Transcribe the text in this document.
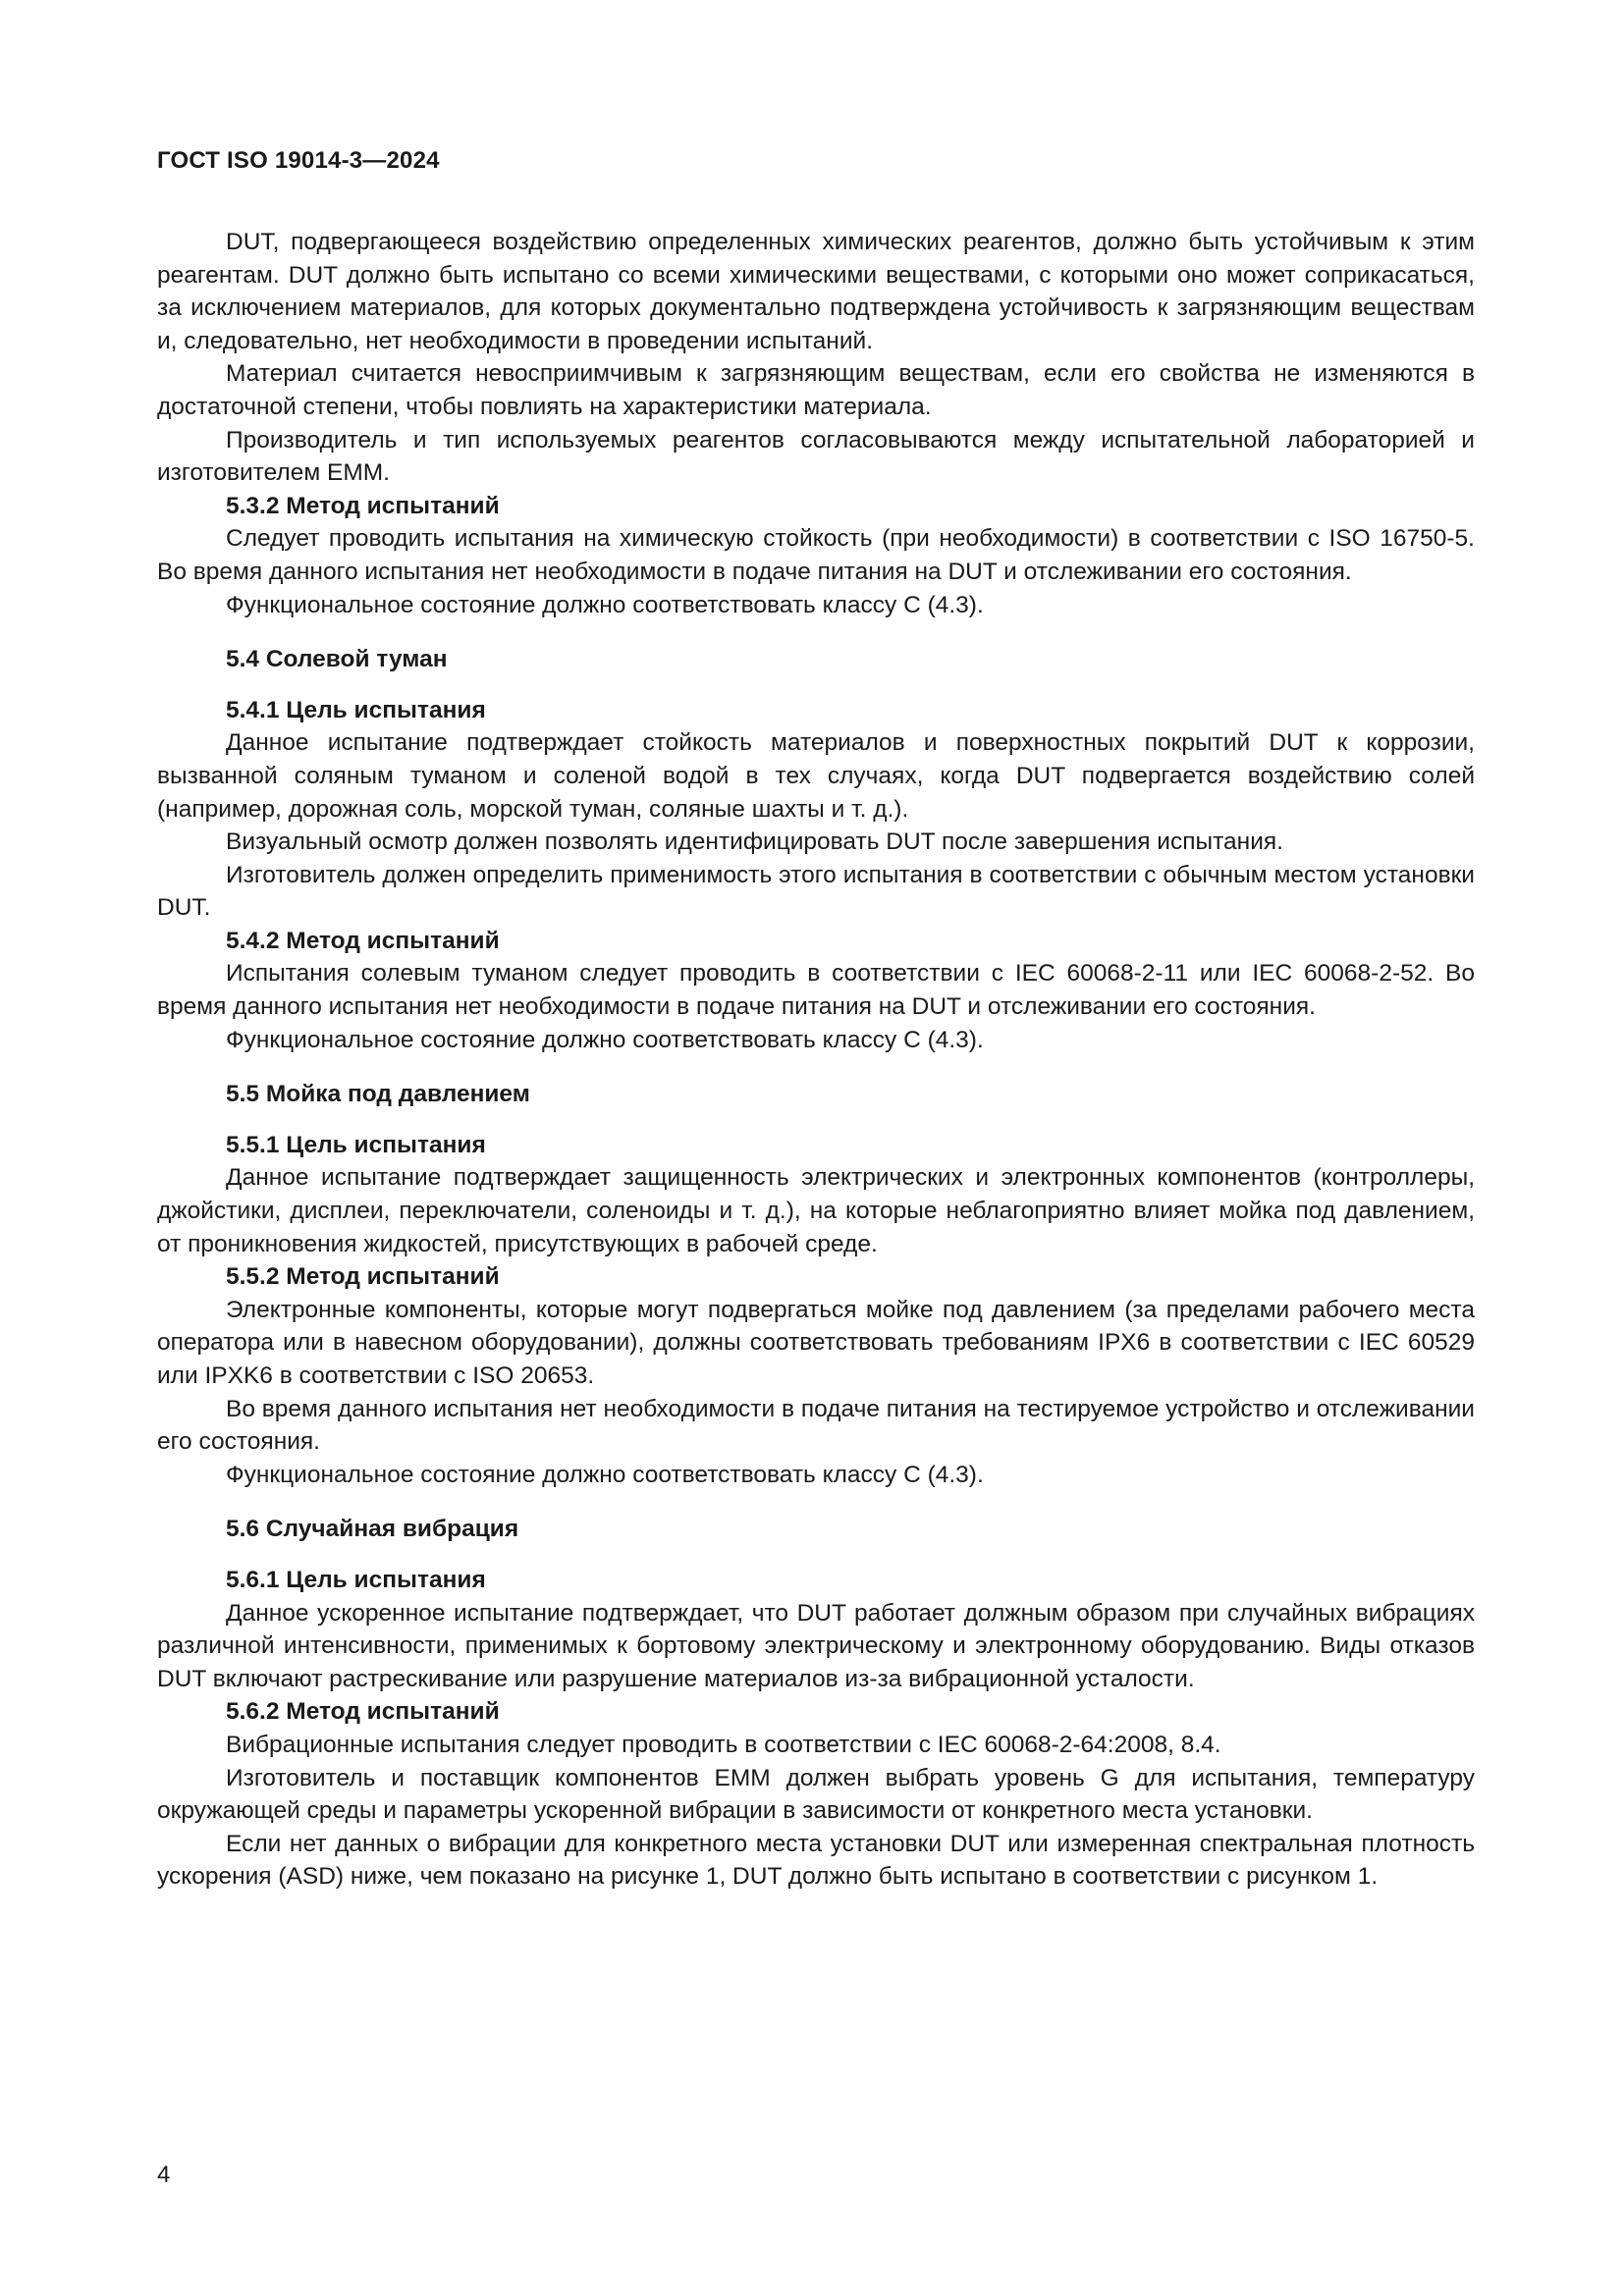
ГОСТ ISO 19014-3—2024

DUT, подвергающееся воздействию определенных химических реагентов, должно быть устойчивым к этим реагентам. DUT должно быть испытано со всеми химическими веществами, с которыми оно может соприкасаться, за исключением материалов, для которых документально подтверждена устойчивость к загрязняющим веществам и, следовательно, нет необходимости в проведении испытаний.

Материал считается невосприимчивым к загрязняющим веществам, если его свойства не изменяются в достаточной степени, чтобы повлиять на характеристики материала.

Производитель и тип используемых реагентов согласовываются между испытательной лабораторией и изготовителем ЕММ.

5.3.2 Метод испытаний

Следует проводить испытания на химическую стойкость (при необходимости) в соответствии с ISO 16750-5. Во время данного испытания нет необходимости в подаче питания на DUT и отслеживании его состояния.

Функциональное состояние должно соответствовать классу С (4.3).

5.4 Солевой туман

5.4.1 Цель испытания

Данное испытание подтверждает стойкость материалов и поверхностных покрытий DUT к коррозии, вызванной соляным туманом и соленой водой в тех случаях, когда DUT подвергается воздействию солей (например, дорожная соль, морской туман, соляные шахты и т. д.).

Визуальный осмотр должен позволять идентифицировать DUT после завершения испытания.

Изготовитель должен определить применимость этого испытания в соответствии с обычным местом установки DUT.

5.4.2 Метод испытаний

Испытания солевым туманом следует проводить в соответствии с IEC 60068-2-11 или IEC 60068-2-52. Во время данного испытания нет необходимости в подаче питания на DUT и отслеживании его состояния.

Функциональное состояние должно соответствовать классу С (4.3).

5.5 Мойка под давлением

5.5.1 Цель испытания

Данное испытание подтверждает защищенность электрических и электронных компонентов (контроллеры, джойстики, дисплеи, переключатели, соленоиды и т. д.), на которые неблагоприятно влияет мойка под давлением, от проникновения жидкостей, присутствующих в рабочей среде.

5.5.2 Метод испытаний

Электронные компоненты, которые могут подвергаться мойке под давлением (за пределами рабочего места оператора или в навесном оборудовании), должны соответствовать требованиям IPX6 в соответствии с IEC 60529 или IPXK6 в соответствии с ISO 20653.

Во время данного испытания нет необходимости в подаче питания на тестируемое устройство и отслеживании его состояния.

Функциональное состояние должно соответствовать классу С (4.3).

5.6 Случайная вибрация

5.6.1 Цель испытания

Данное ускоренное испытание подтверждает, что DUT работает должным образом при случайных вибрациях различной интенсивности, применимых к бортовому электрическому и электронному оборудованию. Виды отказов DUT включают растрескивание или разрушение материалов из-за вибрационной усталости.

5.6.2 Метод испытаний

Вибрационные испытания следует проводить в соответствии с IEC 60068-2-64:2008, 8.4.

Изготовитель и поставщик компонентов ЕММ должен выбрать уровень G для испытания, температуру окружающей среды и параметры ускоренной вибрации в зависимости от конкретного места установки.

Если нет данных о вибрации для конкретного места установки DUT или измеренная спектральная плотность ускорения (ASD) ниже, чем показано на рисунке 1, DUT должно быть испытано в соответствии с рисунком 1.

4
